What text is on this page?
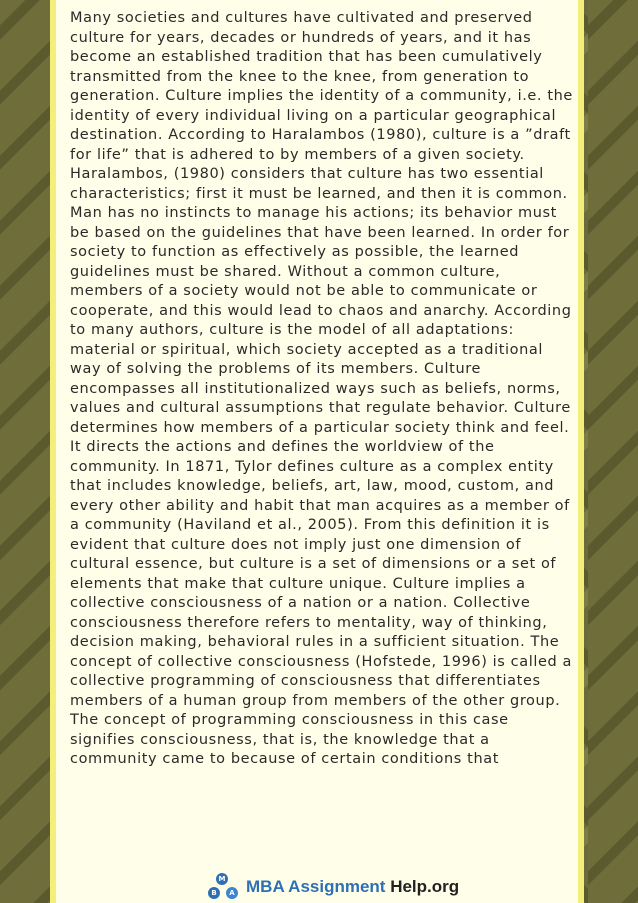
Many societies and cultures have cultivated and preserved culture for years, decades or hundreds of years, and it has become an established tradition that has been cumulatively transmitted from the knee to the knee, from generation to generation. Culture implies the identity of a community, i.e. the identity of every individual living on a particular geographical destination. According to Haralambos (1980), culture is a ”draft for life” that is adhered to by members of a given society. Haralambos, (1980) considers that culture has two essential characteristics; first it must be learned, and then it is common. Man has no instincts to manage his actions; its behavior must be based on the guidelines that have been learned. In order for society to function as effectively as possible, the learned guidelines must be shared. Without a common culture, members of a society would not be able to communicate or cooperate, and this would lead to chaos and anarchy. According to many authors, culture is the model of all adaptations: material or spiritual, which society accepted as a traditional way of solving the problems of its members. Culture encompasses all institutionalized ways such as beliefs, norms, values and cultural assumptions that regulate behavior. Culture determines how members of a particular society think and feel. It directs the actions and defines the worldview of the community. In 1871, Tylor defines culture as a complex entity that includes knowledge, beliefs, art, law, mood, custom, and every other ability and habit that man acquires as a member of a community (Haviland et al., 2005). From this definition it is evident that culture does not imply just one dimension of cultural essence, but culture is a set of dimensions or a set of elements that make that culture unique. Culture implies a collective consciousness of a nation or a nation. Collective consciousness therefore refers to mentality, way of thinking, decision making, behavioral rules in a sufficient situation. The concept of collective consciousness (Hofstede, 1996) is called a collective programming of consciousness that differentiates members of a human group from members of the other group. The concept of programming consciousness in this case signifies consciousness, that is, the knowledge that a community came to because of certain conditions that

M
B	A MBA Assignment Help.org
